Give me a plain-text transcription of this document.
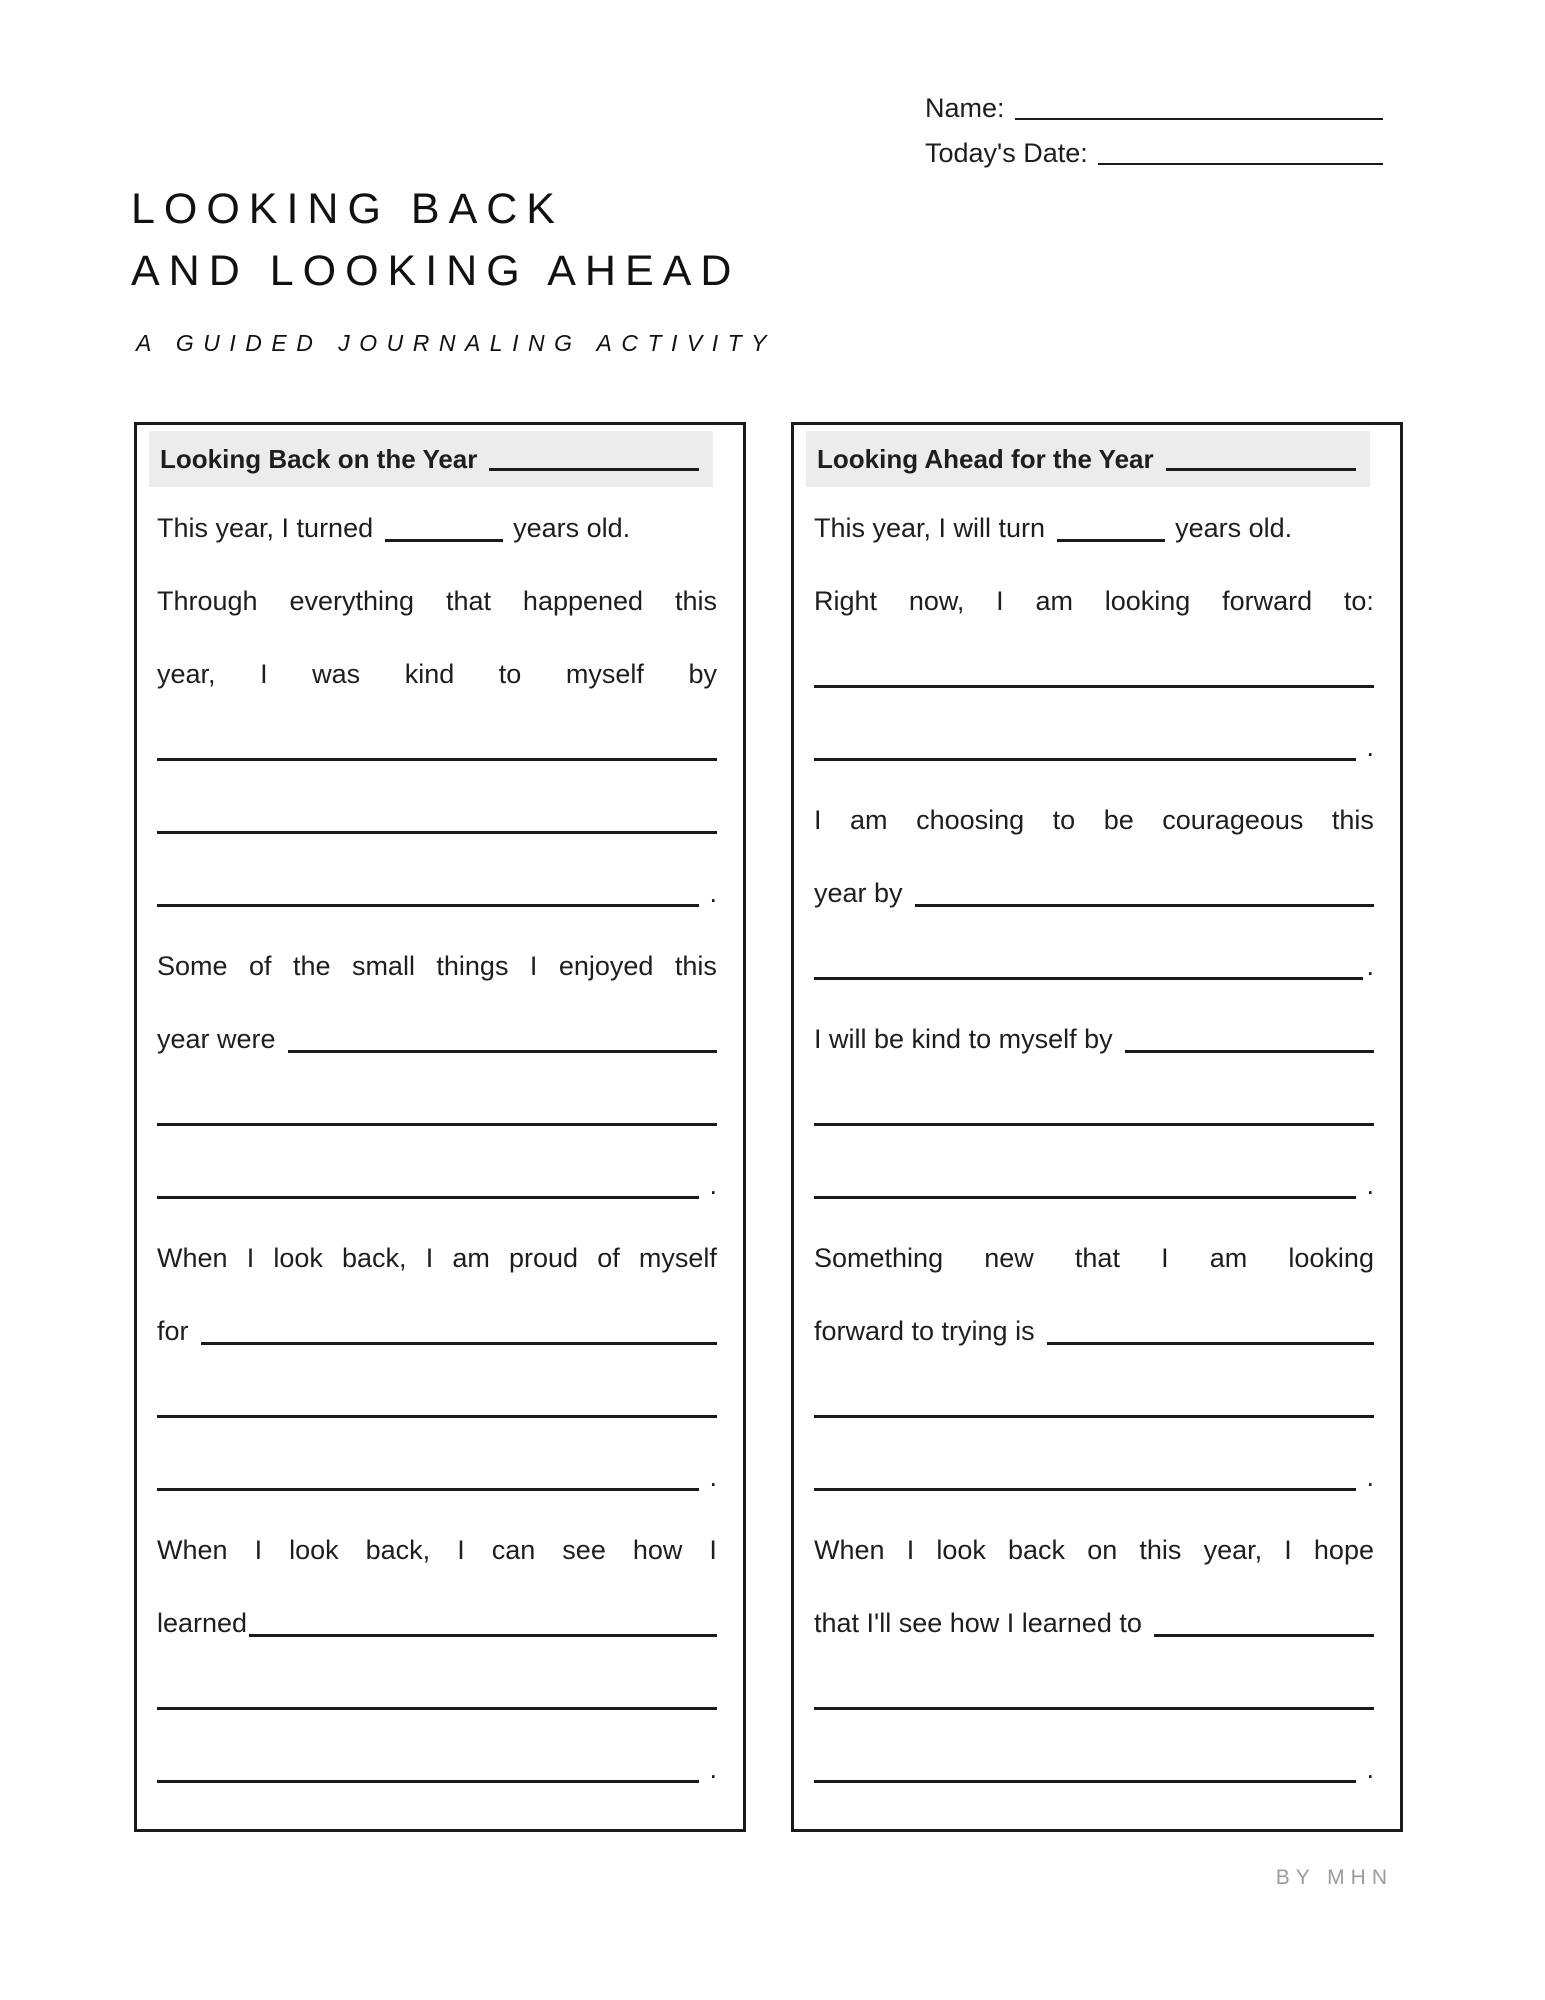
Name:
Today's Date:
LOOKING BACK
AND LOOKING AHEAD
A GUIDED JOURNALING ACTIVITY
Looking Back on the Year
This year, I turned	years old.
Through everything that happened this
year, I was kind to myself by
.
Some of the small things I enjoyed this
year were
.
When I look back, I am proud of myself
for
.
When I look back, I can see how I
learned
.
Looking Ahead for the Year
This year, I will turn	years old.
Right now, I am looking forward to:
.
I am choosing to be courageous this
year by
.
I will be kind to myself by
.
Something new that I am looking
forward to trying is
.
When I look back on this year, I hope
that I'll see how I learned to
.
BY MHN
